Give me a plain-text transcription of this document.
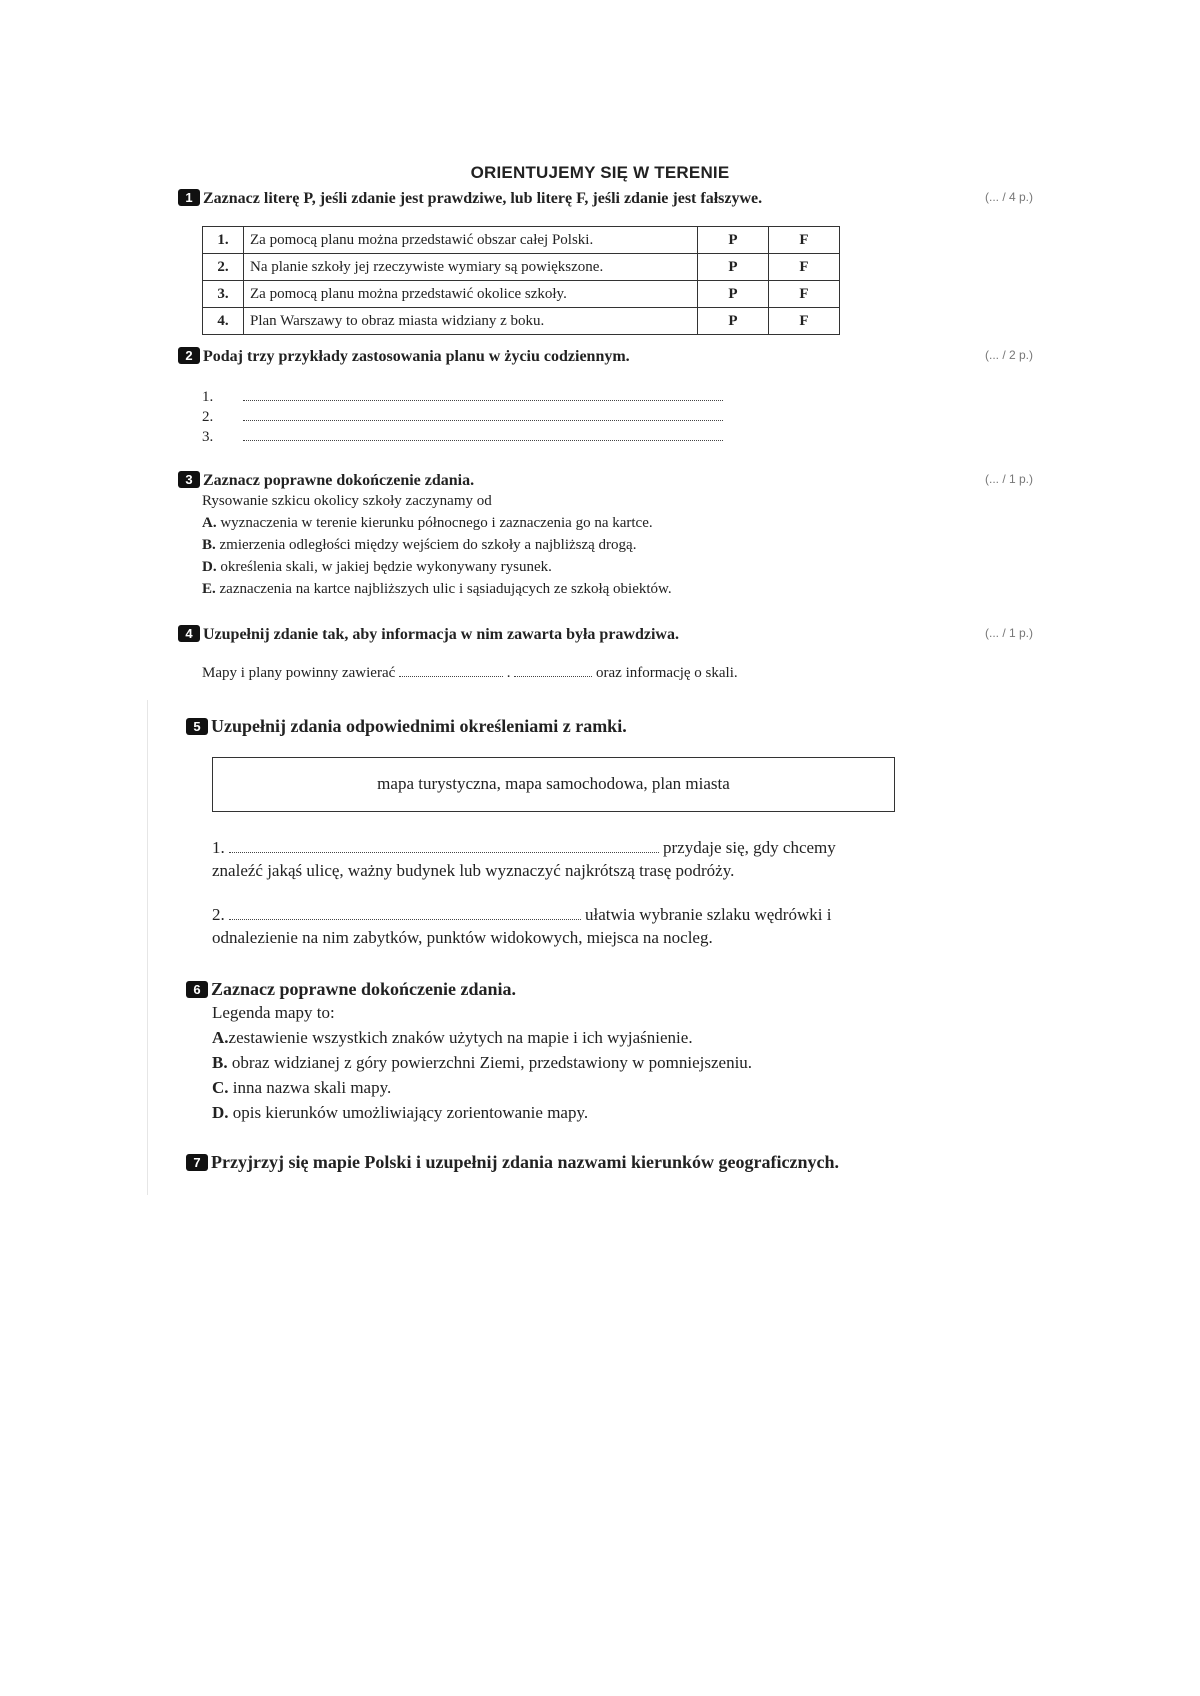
ORIENTUJEMY SIĘ W TERENIE
1 Zaznacz literę P, jeśli zdanie jest prawdziwe, lub literę F, jeśli zdanie jest fałszywe.	(... / 4 p.)
1.	Za pomocą planu można przedstawić obszar całej Polski.	P	F
2.	Na planie szkoły jej rzeczywiste wymiary są powiększone.	P	F
3.	Za pomocą planu można przedstawić okolice szkoły.	P	F
4.	Plan Warszawy to obraz miasta widziany z boku.	P	F
2 Podaj trzy przykłady zastosowania planu w życiu codziennym.	(... / 2 p.)
1.
2.
3.
3 Zaznacz poprawne dokończenie zdania.	(... / 1 p.)
Rysowanie szkicu okolicy szkoły zaczynamy od
A. wyznaczenia w terenie kierunku północnego i zaznaczenia go na kartce.
B. zmierzenia odległości między wejściem do szkoły a najbliższą drogą.
D. określenia skali, w jakiej będzie wykonywany rysunek.
E. zaznaczenia na kartce najbliższych ulic i sąsiadujących ze szkołą obiektów.
4 Uzupełnij zdanie tak, aby informacja w nim zawarta była prawdziwa.	(... / 1 p.)
Mapy i plany powinny zawierać	.	oraz informację o skali.
5 Uzupełnij zdania odpowiednimi określeniami z ramki.
mapa turystyczna, mapa samochodowa, plan miasta
1.	przydaje się, gdy chcemy
znaleźć jakąś ulicę, ważny budynek lub wyznaczyć najkrótszą trasę podróży.
2.	ułatwia wybranie szlaku wędrówki i
odnalezienie na nim zabytków, punktów widokowych, miejsca na nocleg.
6 Zaznacz poprawne dokończenie zdania.
Legenda mapy to:
A.zestawienie wszystkich znaków użytych na mapie i ich wyjaśnienie.
B. obraz widzianej z góry powierzchni Ziemi, przedstawiony w pomniejszeniu.
C. inna nazwa skali mapy.
D. opis kierunków umożliwiający zorientowanie mapy.
7 Przyjrzyj się mapie Polski i uzupełnij zdania nazwami kierunków geograficznych.
